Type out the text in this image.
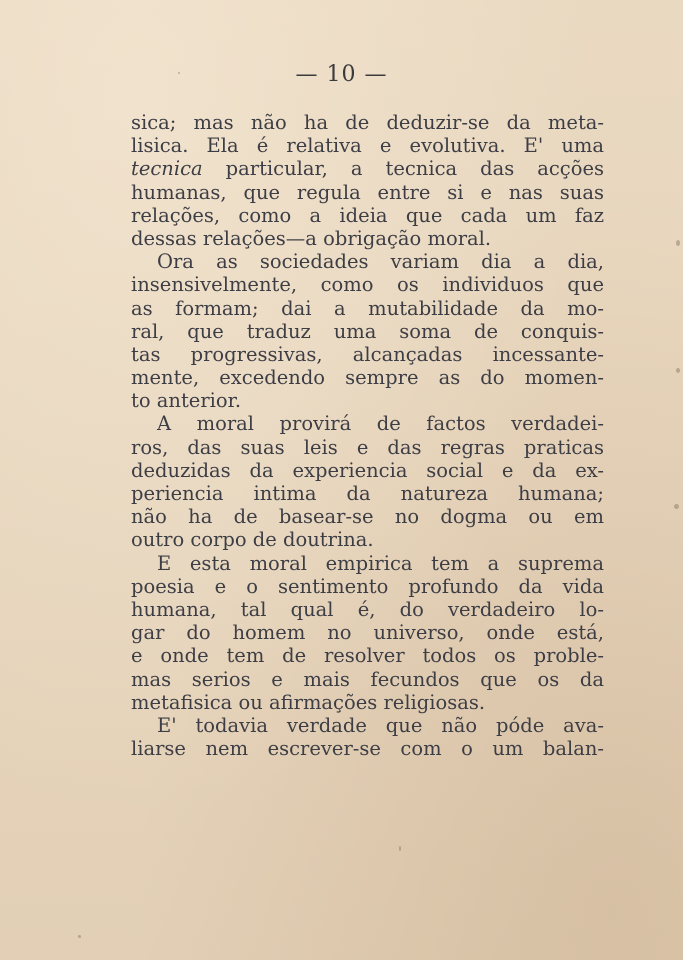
— 10 —
sica; mas não ha de deduzir-se da meta-
lisica. Ela é relativa e evolutiva. E' uma
tecnica particular, a tecnica das acções
humanas, que regula entre si e nas suas
relações, como a ideia que cada um faz
dessas relações—a obrigação moral.
Ora as sociedades variam dia a dia,
insensivelmente, como os individuos que
as formam; dai a mutabilidade da mo-
ral, que traduz uma soma de conquis-
tas progressivas, alcançadas incessante-
mente, excedendo sempre as do momen-
to anterior.
A moral provirá de factos verdadei-
ros, das suas leis e das regras praticas
deduzidas da experiencia social e da ex-
periencia intima da natureza humana;
não ha de basear-se no dogma ou em
outro corpo de doutrina.
E esta moral empirica tem a suprema
poesia e o sentimento profundo da vida
humana, tal qual é, do verdadeiro lo-
gar do homem no universo, onde está,
e onde tem de resolver todos os proble-
mas serios e mais fecundos que os da
metafisica ou afirmações religiosas.
E' todavia verdade que não póde ava-
liarse nem escrever-se com o um balan-
